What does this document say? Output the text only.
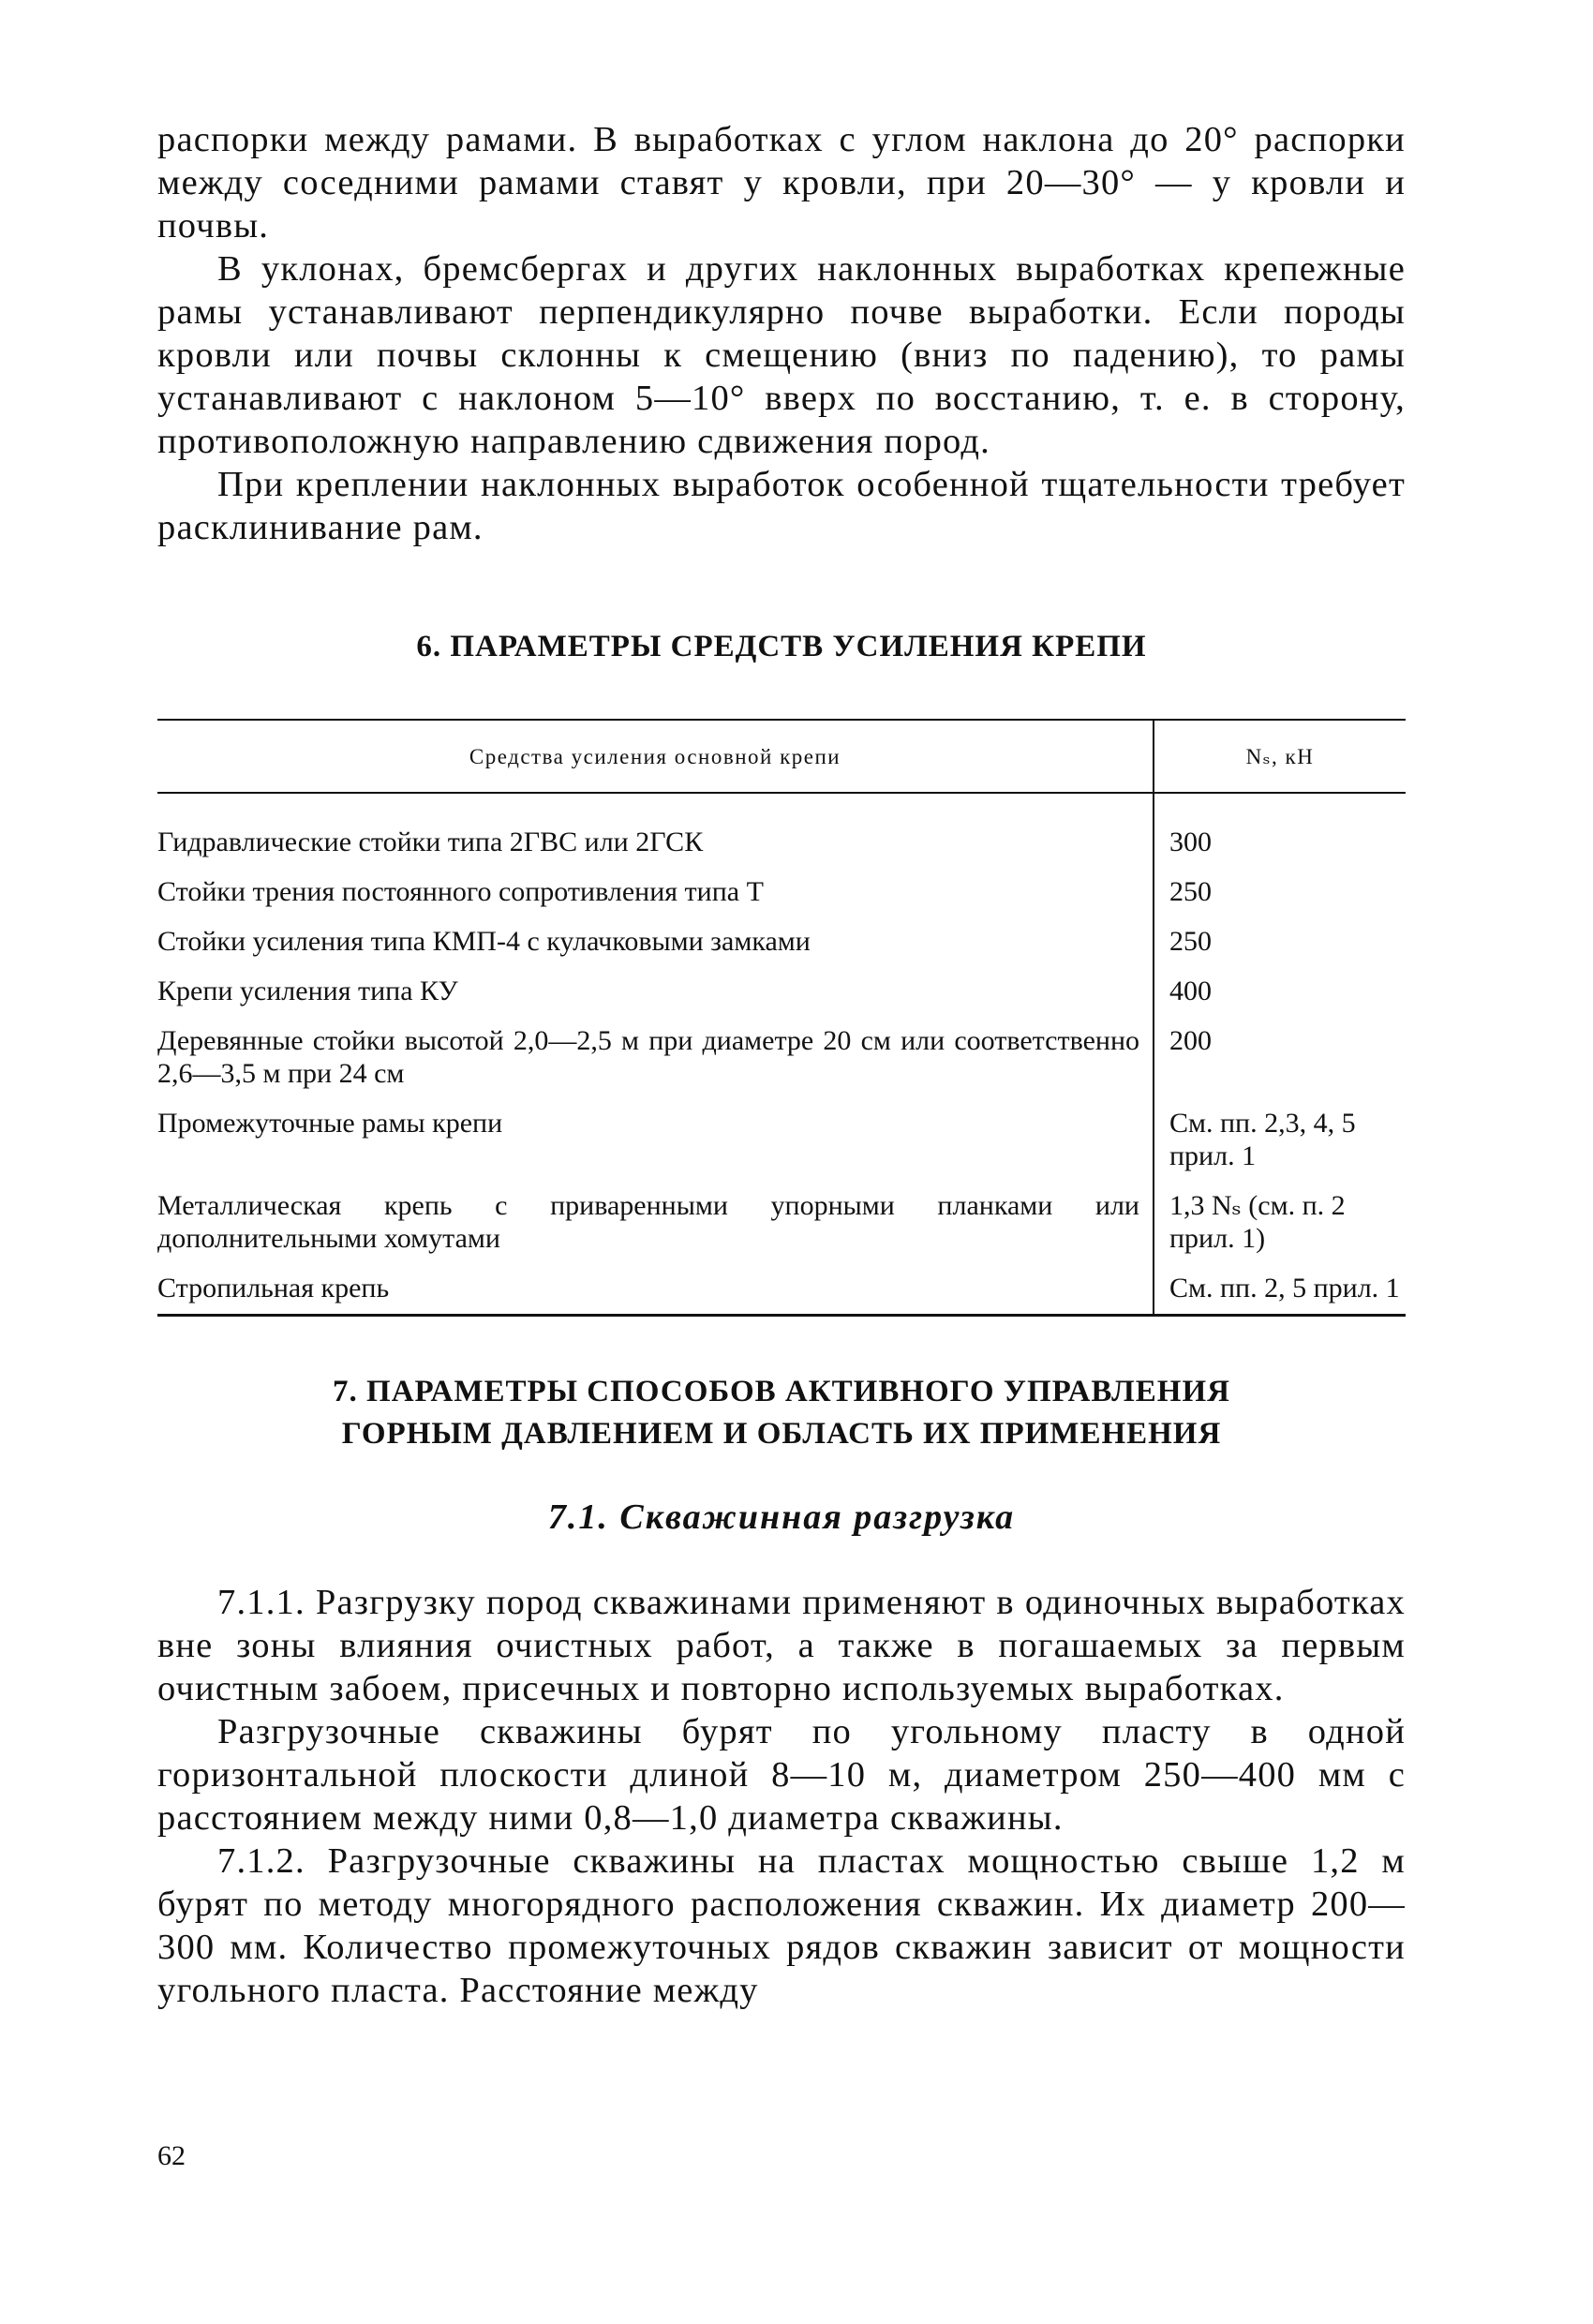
распорки между рамами. В выработках с углом наклона до 20° распорки между соседними рамами ставят у кровли, при 20—30° — у кровли и почвы.

В уклонах, бремсбергах и других наклонных выработках крепежные рамы устанавливают перпендикулярно почве выработки. Если породы кровли или почвы склонны к смещению (вниз по падению), то рамы устанавливают с наклоном 5—10° вверх по восстанию, т. е. в сторону, противоположную направлению сдвижения пород.

При креплении наклонных выработок особенной тщательности требует расклинивание рам.

6. ПАРАМЕТРЫ СРЕДСТВ УСИЛЕНИЯ КРЕПИ
Средства усиления основной крепи	Nₛ, кН
Гидравлические стойки типа 2ГВС или 2ГСК	300
Стойки трения постоянного сопротивления типа Т	250
Стойки усиления типа КМП-4 с кулачковыми замками	250
Крепи усиления типа КУ	400
Деревянные стойки высотой 2,0—2,5 м при диаметре 20 см или соответственно 2,6—3,5 м при 24 см	200
Промежуточные рамы крепи	См. пп. 2,3, 4, 5 прил. 1
Металлическая крепь с приваренными упорными планками или дополнительными хомутами	1,3 Nₛ (см. п. 2 прил. 1)
Стропильная крепь	См. пп. 2, 5 прил. 1
7. ПАРАМЕТРЫ СПОСОБОВ АКТИВНОГО УПРАВЛЕНИЯ
ГОРНЫМ ДАВЛЕНИЕМ И ОБЛАСТЬ ИХ ПРИМЕНЕНИЯ
7.1. Скважинная разгрузка

7.1.1. Разгрузку пород скважинами применяют в одиночных выработках вне зоны влияния очистных работ, а также в погашаемых за первым очистным забоем, присечных и повторно используемых выработках.

Разгрузочные скважины бурят по угольному пласту в одной горизонтальной плоскости длиной 8—10 м, диаметром 250—400 мм с расстоянием между ними 0,8—1,0 диаметра скважины.

7.1.2. Разгрузочные скважины на пластах мощностью свыше 1,2 м бурят по методу многорядного расположения скважин. Их диаметр 200—300 мм. Количество промежуточных рядов скважин зависит от мощности угольного пласта. Расстояние между

62
